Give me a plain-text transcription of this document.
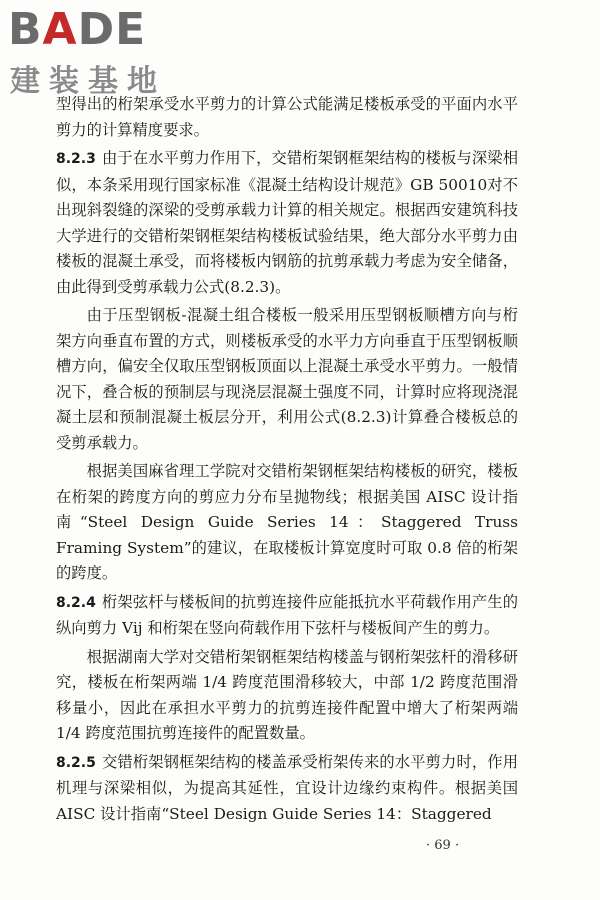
BADE
建装基地

型得出的桁架承受水平剪力的计算公式能满足楼板承受的平面内水平剪力的计算精度要求。

8.2.3 由于在水平剪力作用下，交错桁架钢框架结构的楼板与深梁相似，本条采用现行国家标准《混凝土结构设计规范》GB 50010对不出现斜裂缝的深梁的受剪承载力计算的相关规定。根据西安建筑科技大学进行的交错桁架钢框架结构楼板试验结果，绝大部分水平剪力由楼板的混凝土承受，而将楼板内钢筋的抗剪承载力考虑为安全储备，由此得到受剪承载力公式(8.2.3)。

由于压型钢板-混凝土组合楼板一般采用压型钢板顺槽方向与桁架方向垂直布置的方式，则楼板承受的水平力方向垂直于压型钢板顺槽方向，偏安全仅取压型钢板顶面以上混凝土承受水平剪力。一般情况下，叠合板的预制层与现浇层混凝土强度不同，计算时应将现浇混凝土层和预制混凝土板层分开，利用公式(8.2.3)计算叠合楼板总的受剪承载力。

根据美国麻省理工学院对交错桁架钢框架结构楼板的研究，楼板在桁架的跨度方向的剪应力分布呈抛物线；根据美国 AISC 设计指南“Steel Design Guide Series 14：Staggered Truss Framing System”的建议，在取楼板计算宽度时可取 0.8 倍的桁架的跨度。

8.2.4 桁架弦杆与楼板间的抗剪连接件应能抵抗水平荷载作用产生的纵向剪力 Vij 和桁架在竖向荷载作用下弦杆与楼板间产生的剪力。

根据湖南大学对交错桁架钢框架结构楼盖与钢桁架弦杆的滑移研究，楼板在桁架两端 1/4 跨度范围滑移较大，中部 1/2 跨度范围滑移量小，因此在承担水平剪力的抗剪连接件配置中增大了桁架两端 1/4 跨度范围抗剪连接件的配置数量。

8.2.5 交错桁架钢框架结构的楼盖承受桁架传来的水平剪力时，作用机理与深梁相似，为提高其延性，宜设计边缘约束构件。根据美国 AISC 设计指南“Steel Design Guide Series 14：Staggered

· 69 ·
